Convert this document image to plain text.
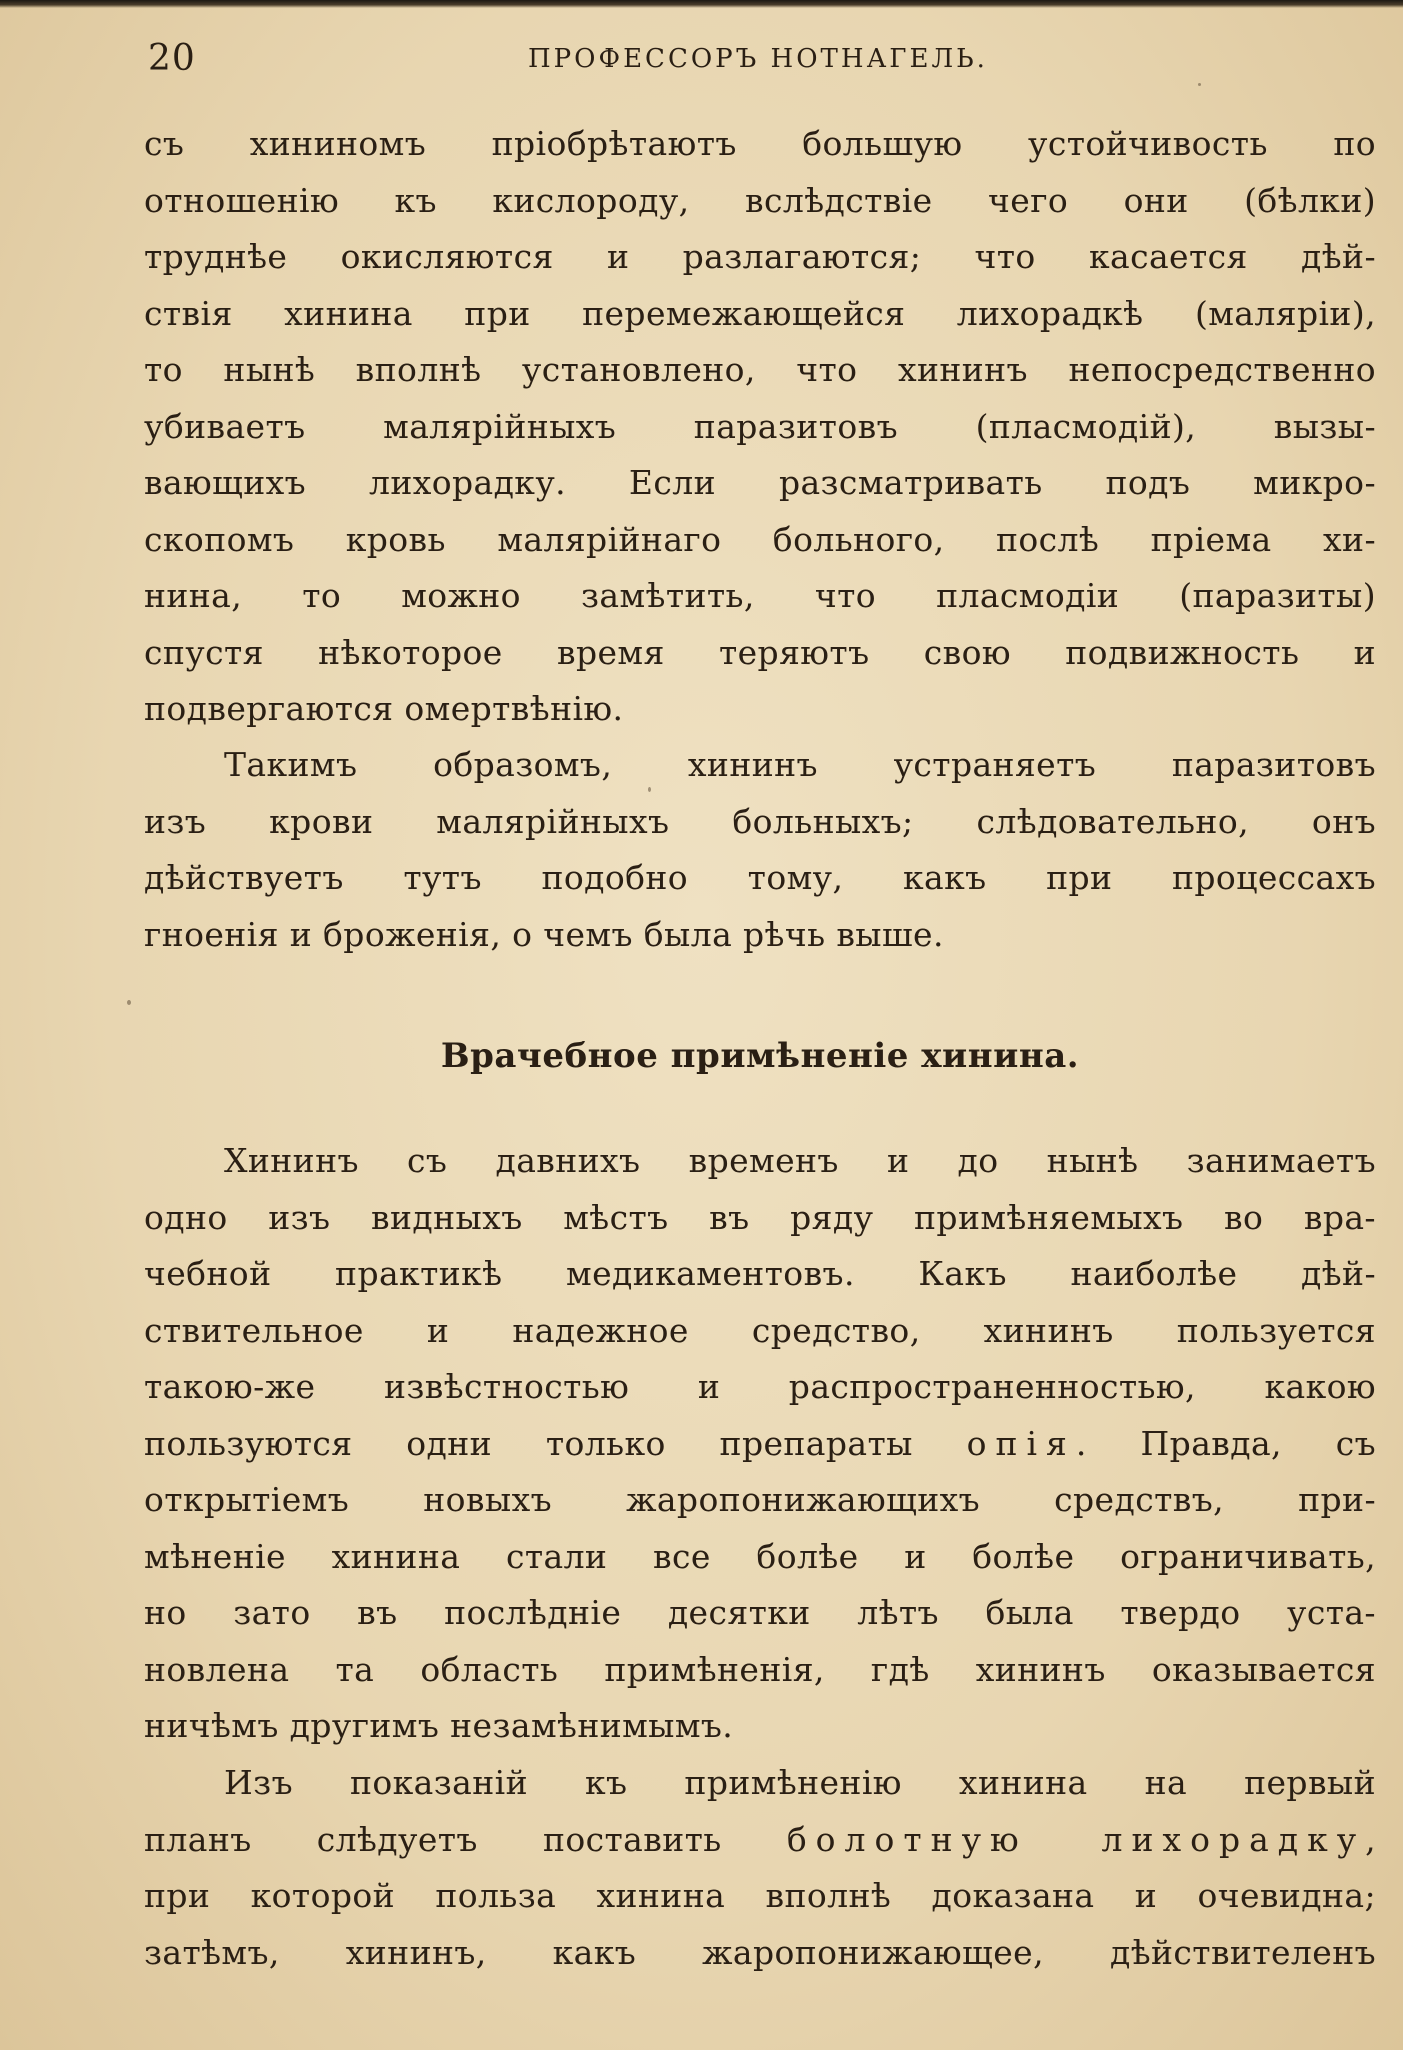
20	ПРОФЕССОРЪ НОТНАГЕЛЬ.
съ хининомъ пріобрѣтаютъ большую устойчивость по
отношенію къ кислороду, вслѣдствіе чего они (бѣлки)
труднѣе окисляются и разлагаются; что касается дѣй-
ствія хинина при перемежающейся лихорадкѣ (маляріи),
то нынѣ вполнѣ установлено, что хининъ непосредственно
убиваетъ малярійныхъ паразитовъ (пласмодій), вызы-
вающихъ лихорадку. Если разсматривать подъ микро-
скопомъ кровь малярійнаго больного, послѣ пріема хи-
нина, то можно замѣтить, что пласмодіи (паразиты)
спустя нѣкоторое время теряютъ свою подвижность и
подвергаются омертвѣнію.
Такимъ образомъ, хининъ устраняетъ паразитовъ
изъ крови малярійныхъ больныхъ; слѣдовательно, онъ
дѣйствуетъ тутъ подобно тому, какъ при процессахъ
гноенія и броженія, о чемъ была рѣчь выше.
Врачебное примѣненіе хинина.
Хининъ съ давнихъ временъ и до нынѣ занимаетъ
одно изъ видныхъ мѣстъ въ ряду примѣняемыхъ во вра-
чебной практикѣ медикаментовъ. Какъ наиболѣе дѣй-
ствительное и надежное средство, хининъ пользуется
такою-же извѣстностью и распространенностью, какою
пользуются одни только препараты опія. Правда, съ
открытіемъ новыхъ жаропонижающихъ средствъ, при-
мѣненіе хинина стали все болѣе и болѣе ограничивать,
но зато въ послѣдніе десятки лѣтъ была твердо уста-
новлена та область примѣненія, гдѣ хининъ оказывается
ничѣмъ другимъ незамѣнимымъ.
Изъ показаній къ примѣненію хинина на первый
планъ слѣдуетъ поставить болотную лихорадку,
при которой польза хинина вполнѣ доказана и очевидна;
затѣмъ, хининъ, какъ жаропонижающее, дѣйствителенъ
